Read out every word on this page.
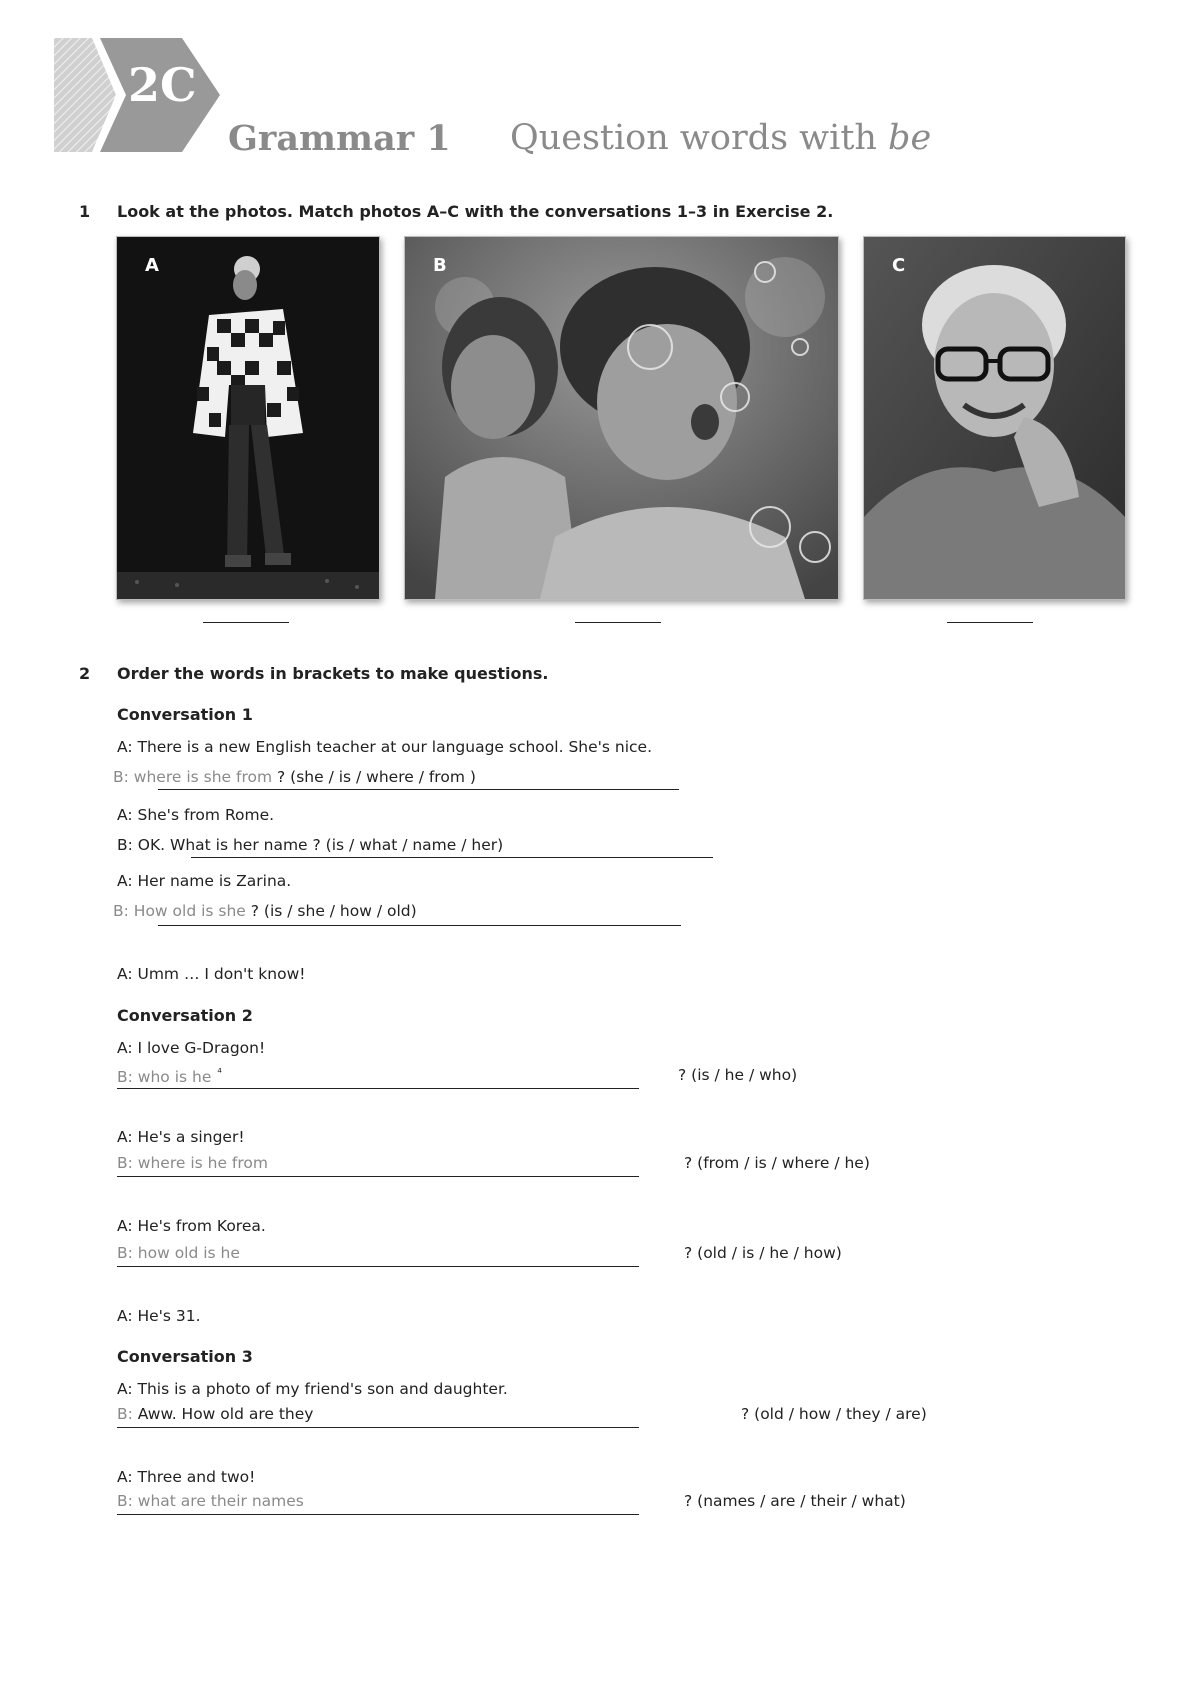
2C
Grammar 1 Question words with be
1 Look at the photos. Match photos A–C with the conversations 1–3 in Exercise 2.
A	B	C
2 Order the words in brackets to make questions.
Conversation 1
A: There is a new English teacher at our language school. She's nice.
B: where is she from ? (she / is / where / from )
A: She's from Rome.
B: OK. What is her name ? (is / what / name / her)
A: Her name is Zarina.
B: How old is she ? (is / she / how / old)
A: Umm … I don't know!
Conversation 2
A: I love G-Dragon!
B: who is he $^{^4}$	? (is / he / who)
A: He's a singer!
B: where is he from	? (from / is / where / he)
A: He's from Korea.
B: how old is he	? (old / is / he / how)
A: He's 31.
Conversation 3
A: This is a photo of my friend's son and daughter.
B: Aww. How old are they	? (old / how / they / are)
A: Three and two!
B: what are their names	? (names / are / their / what)
